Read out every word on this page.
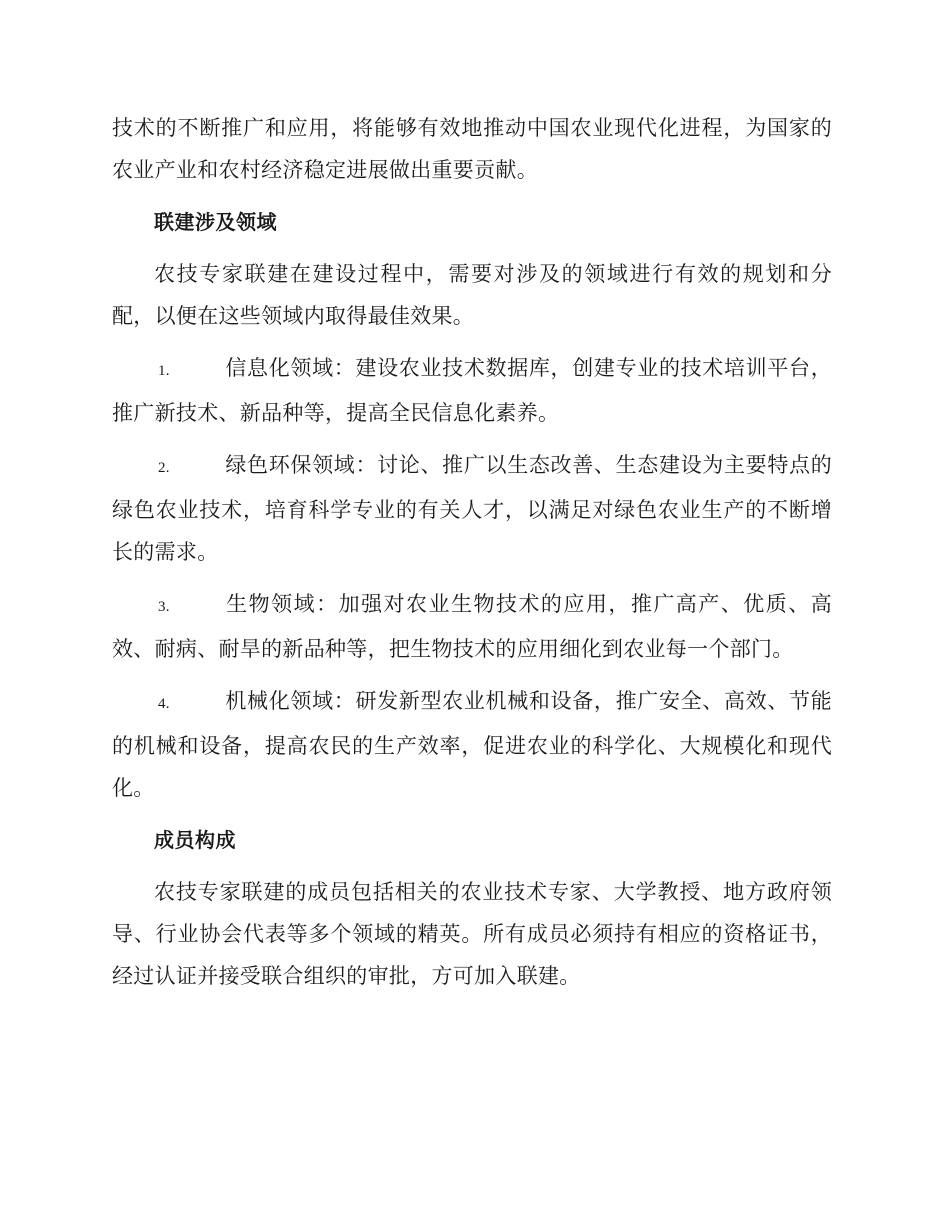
技术的不断推广和应用，将能够有效地推动中国农业现代化进程，为国家的农业产业和农村经济稳定进展做出重要贡献。

联建涉及领域

农技专家联建在建设过程中，需要对涉及的领域进行有效的规划和分配，以便在这些领域内取得最佳效果。

1.	信息化领域：建设农业技术数据库，创建专业的技术培训平台，推广新技术、新品种等，提高全民信息化素养。

2.	绿色环保领域：讨论、推广以生态改善、生态建设为主要特点的绿色农业技术，培育科学专业的有关人才，以满足对绿色农业生产的不断增长的需求。

3.	生物领域：加强对农业生物技术的应用，推广高产、优质、高效、耐病、耐旱的新品种等，把生物技术的应用细化到农业每一个部门。

4.	机械化领域：研发新型农业机械和设备，推广安全、高效、节能的机械和设备，提高农民的生产效率，促进农业的科学化、大规模化和现代化。

成员构成

农技专家联建的成员包括相关的农业技术专家、大学教授、地方政府领导、行业协会代表等多个领域的精英。所有成员必须持有相应的资格证书，经过认证并接受联合组织的审批，方可加入联建。
